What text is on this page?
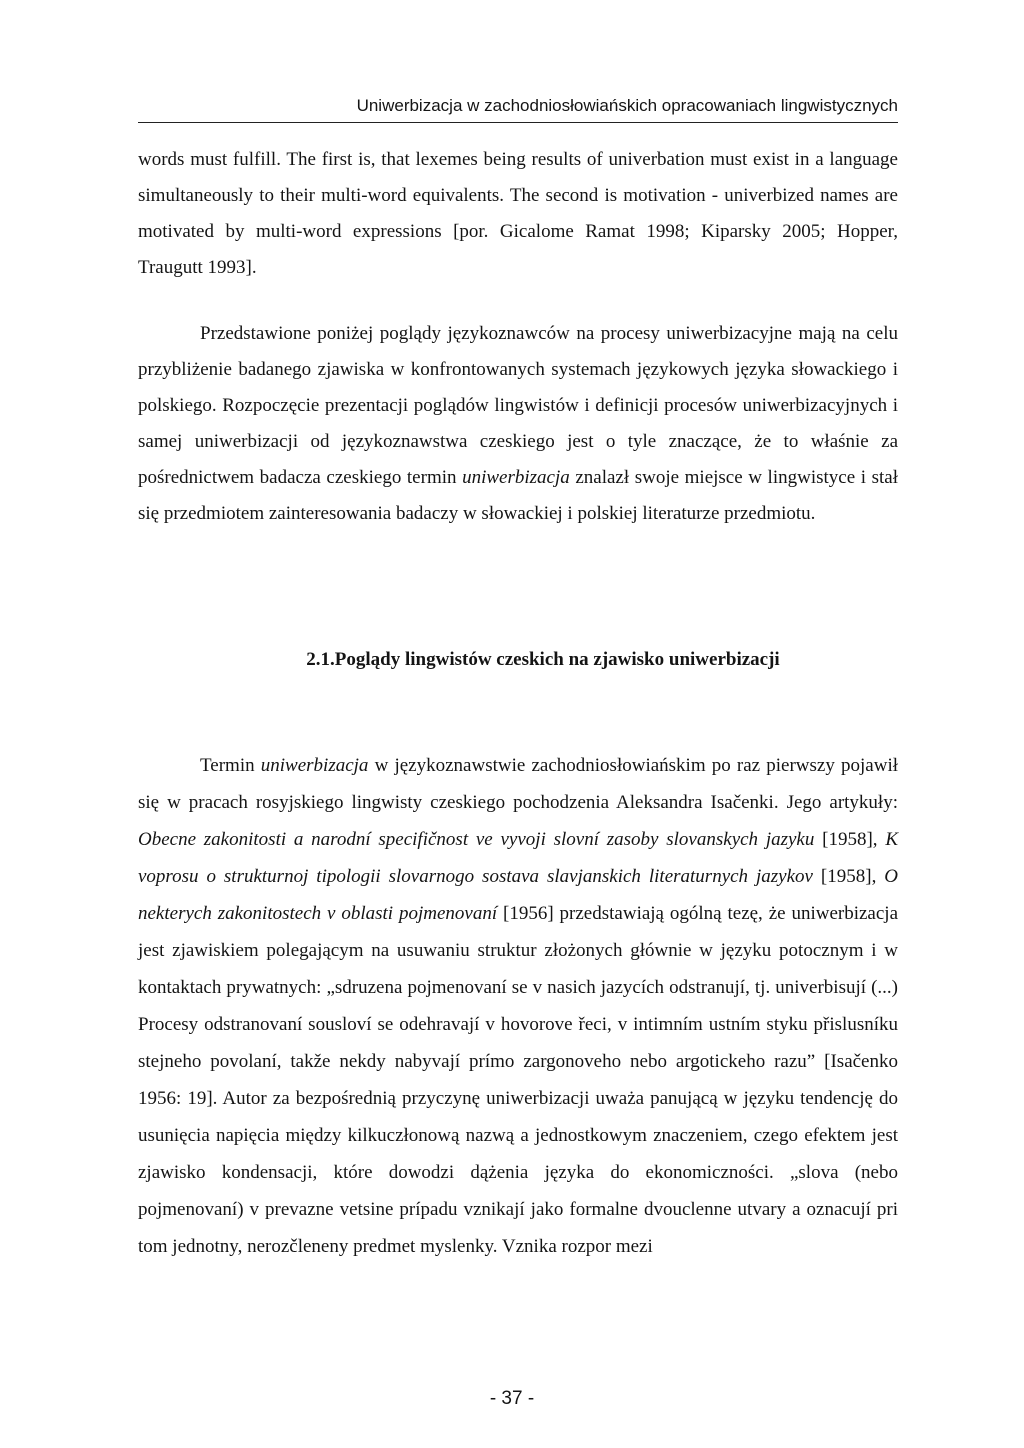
Uniwerbizacja w zachodniosłowiańskich opracowaniach lingwistycznych
words must fulfill. The first is, that lexemes being results of univerbation must exist in a language simultaneously to their multi-word equivalents. The second is motivation - univerbized names are motivated by multi-word expressions [por. Gicalome Ramat 1998; Kiparsky 2005; Hopper, Traugutt 1993].
Przedstawione poniżej poglądy językoznawców na procesy uniwerbizacyjne mają na celu przybliżenie badanego zjawiska w konfrontowanych systemach językowych języka słowackiego i polskiego. Rozpoczęcie prezentacji poglądów lingwistów i definicji procesów uniwerbizacyjnych i samej uniwerbizacji od językoznawstwa czeskiego jest o tyle znaczące, że to właśnie za pośrednictwem badacza czeskiego termin uniwerbizacja znalazł swoje miejsce w lingwistyce i stał się przedmiotem zainteresowania badaczy w słowackiej i polskiej literaturze przedmiotu.
2.1.Poglądy lingwistów czeskich na zjawisko uniwerbizacji
Termin uniwerbizacja w językoznawstwie zachodniosłowiańskim po raz pierwszy pojawił się w pracach rosyjskiego lingwisty czeskiego pochodzenia Aleksandra Isačenki. Jego artykuły: Obecne zakonitosti a narodní specifičnost ve vyvoji slovní zasoby slovanskych jazyku [1958], K voprosu o strukturnoj tipologii slovarnogo sostava slavjanskich literaturnych jazykov [1958], O nekterych zakonitostech v oblasti pojmenovaní [1956] przedstawiają ogólną tezę, że uniwerbizacja jest zjawiskiem polegającym na usuwaniu struktur złożonych głównie w języku potocznym i w kontaktach prywatnych: „sdruzena pojmenovaní se v nasich jazycích odstranují, tj. univerbisují (...) Procesy odstranovaní sousloví se odehravají v hovorove řeci, v intimním ustním styku přislusníku stejneho povolaní, takže nekdy nabyvají prímo zargonoveho nebo argotickeho razu” [Isačenko 1956: 19]. Autor za bezpośrednią przyczynę uniwerbizacji uważa panującą w języku tendencję do usunięcia napięcia między kilkuczłonową nazwą a jednostkowym znaczeniem, czego efektem jest zjawisko kondensacji, które dowodzi dążenia języka do ekonomiczności. „slova (nebo pojmenovaní) v prevazne vetsine prípadu vznikají jako formalne dvouclenne utvary a oznacují pri tom jednotny, nerozčleneny predmet myslenky. Vznika rozpor mezi
- 37 -
